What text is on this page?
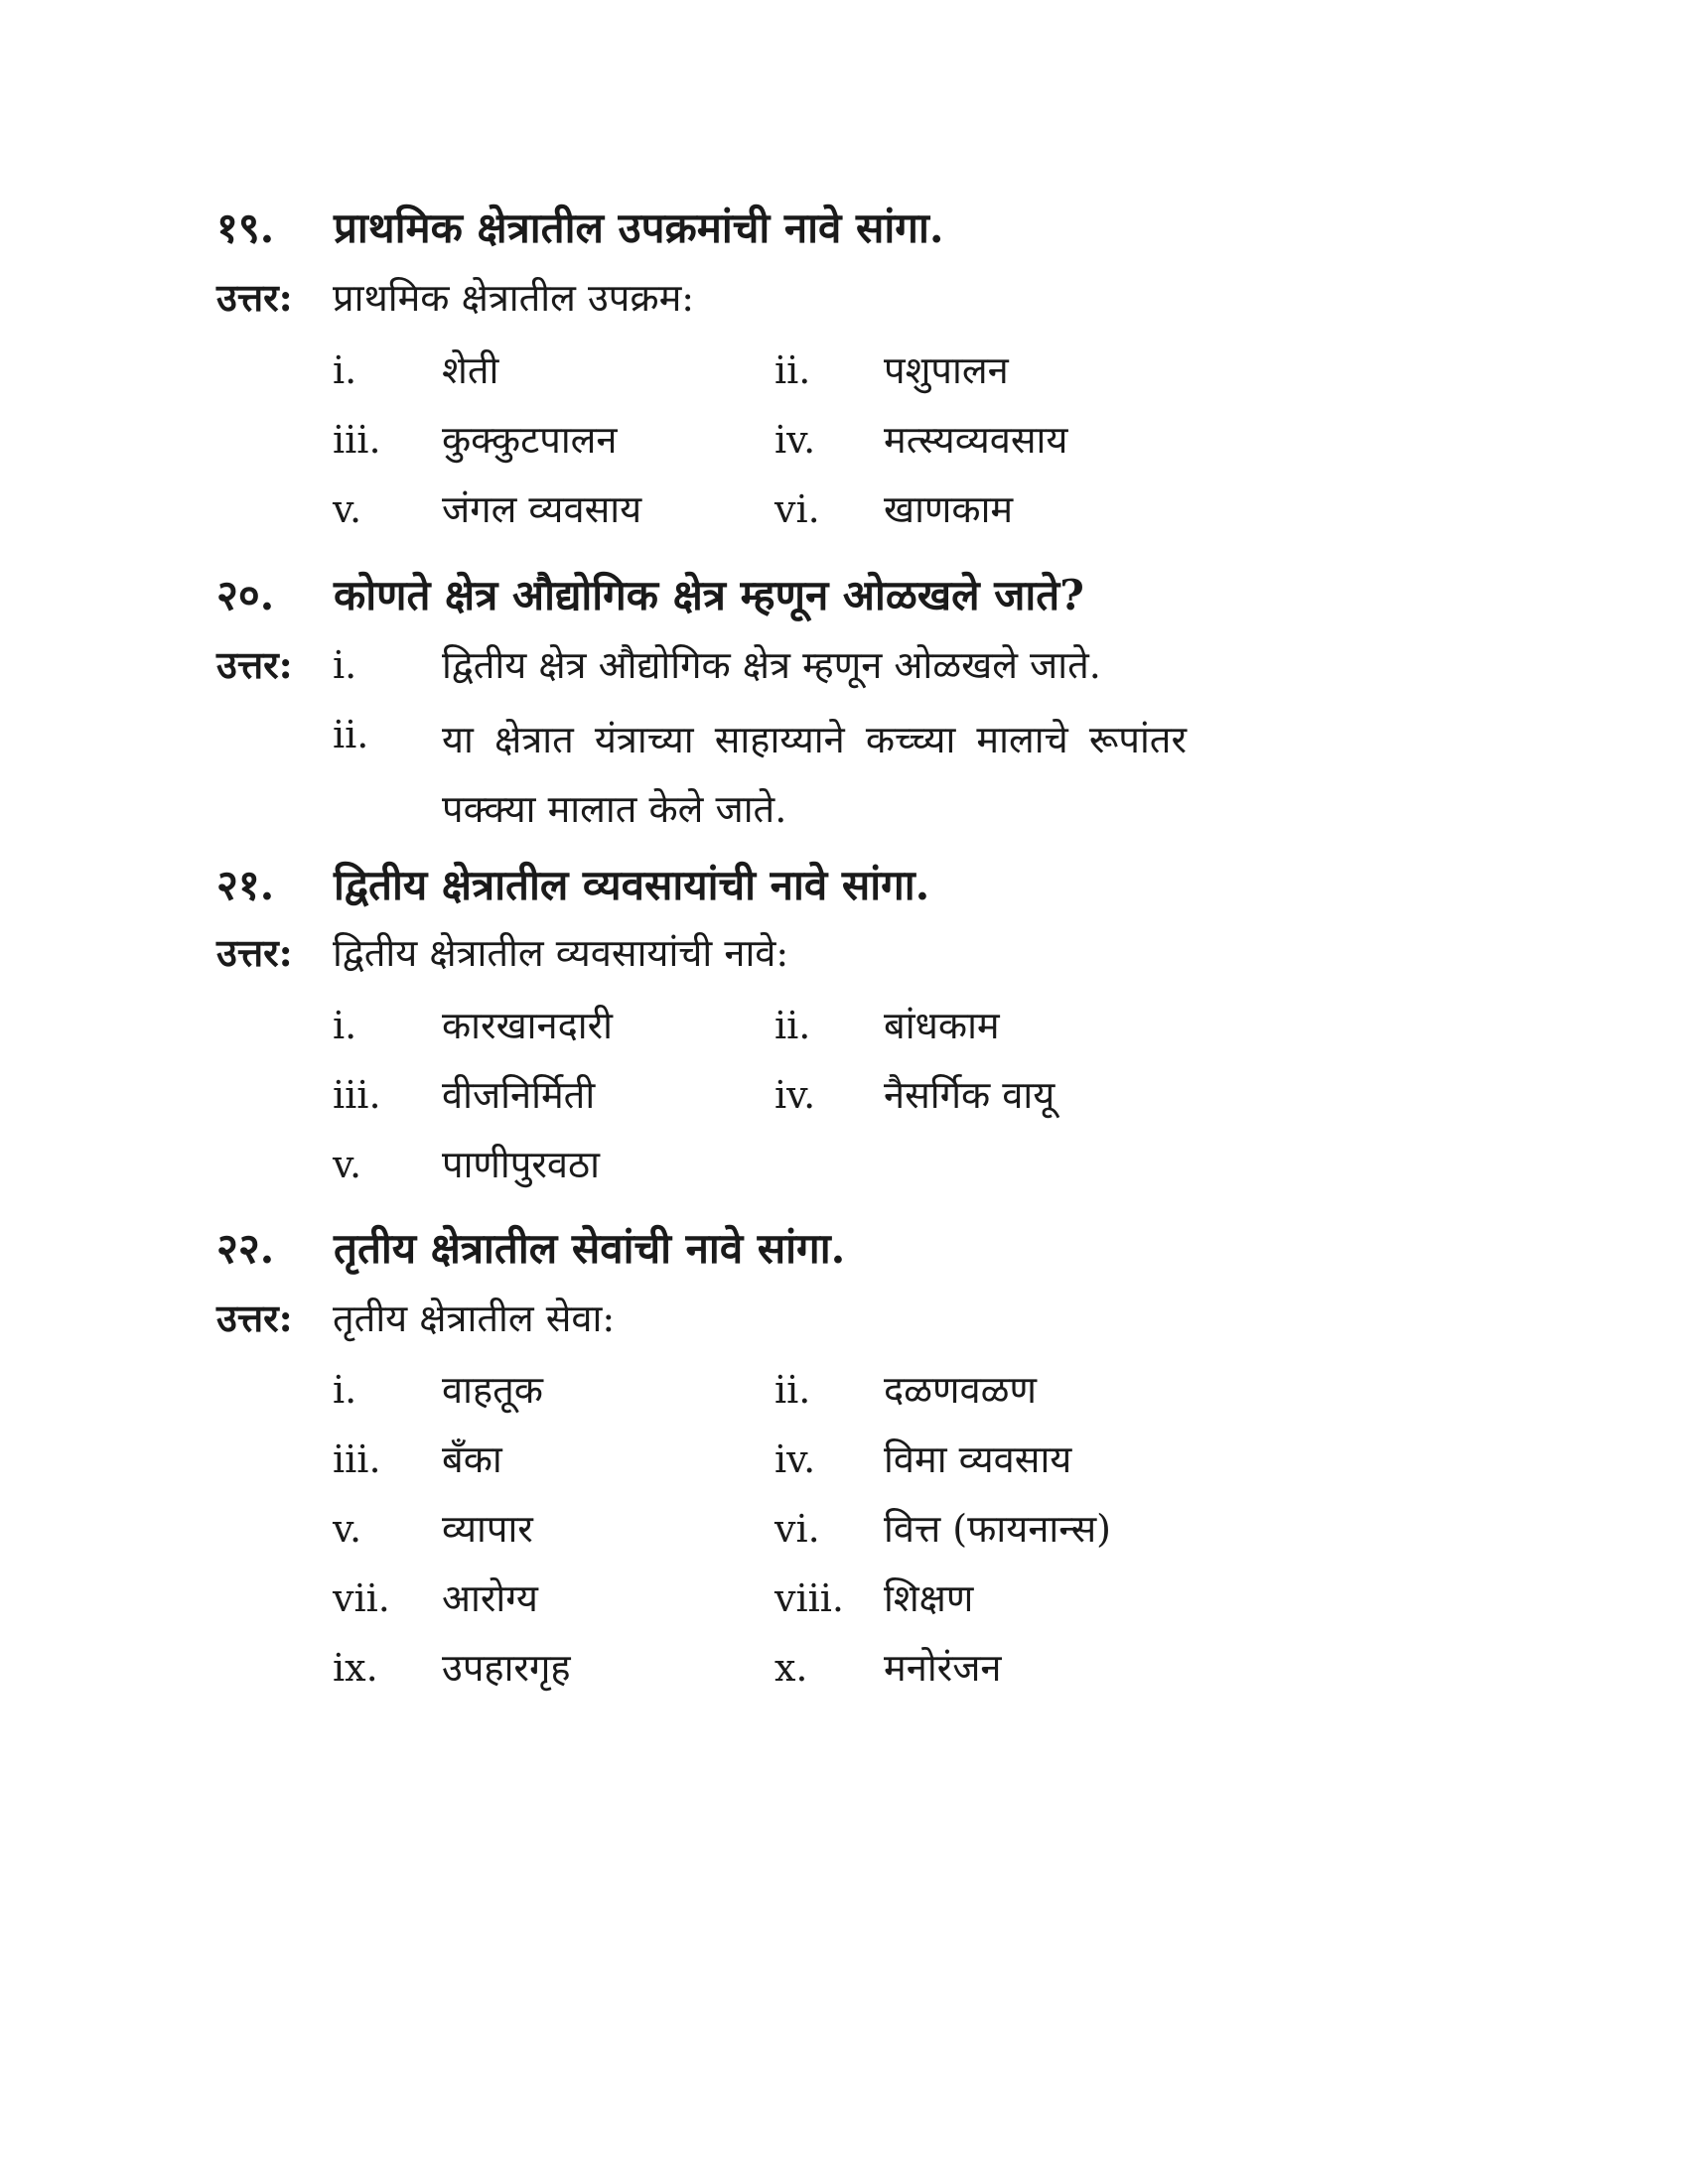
१९. प्राथमिक क्षेत्रातील उपक्रमांची नावे सांगा.
उत्तर: प्राथमिक क्षेत्रातील उपक्रम:
i. शेती	ii. पशुपालन
iii. कुक्कुटपालन	iv. मत्स्यव्यवसाय
v. जंगल व्यवसाय	vi. खाणकाम
२०. कोणते क्षेत्र औद्योगिक क्षेत्र म्हणून ओळखले जाते?
उत्तर: i. द्वितीय क्षेत्र औद्योगिक क्षेत्र म्हणून ओळखले जाते.
ii. या क्षेत्रात यंत्राच्या साहाय्याने कच्च्या मालाचे रूपांतर पक्क्या मालात केले जाते.
२१. द्वितीय क्षेत्रातील व्यवसायांची नावे सांगा.
उत्तर: द्वितीय क्षेत्रातील व्यवसायांची नावे:
i. कारखानदारी	ii. बांधकाम
iii. वीजनिर्मिती	iv. नैसर्गिक वायू
v. पाणीपुरवठा
२२. तृतीय क्षेत्रातील सेवांची नावे सांगा.
उत्तर: तृतीय क्षेत्रातील सेवा:
i. वाहतूक	ii. दळणवळण
iii. बँका	iv. विमा व्यवसाय
v. व्यापार	vi. वित्त (फायनान्स)
vii. आरोग्य	viii. शिक्षण
ix. उपहारगृह	x. मनोरंजन
